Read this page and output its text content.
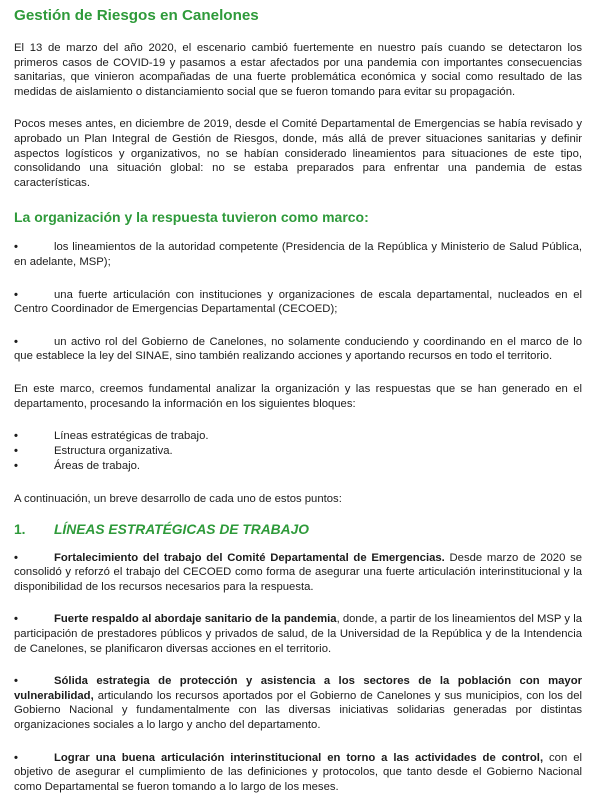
Gestión de Riesgos en Canelones

El 13 de marzo del año 2020, el escenario cambió fuertemente en nuestro país cuando se detectaron los primeros casos de COVID-19 y pasamos a estar afectados por una pandemia con importantes consecuencias sanitarias, que vinieron acompañadas de una fuerte problemática económica y social como resultado de las medidas de aislamiento o distanciamiento social que se fueron tomando para evitar su propagación.

Pocos meses antes, en diciembre de 2019, desde el Comité Departamental de Emergencias se había revisado y aprobado un Plan Integral de Gestión de Riesgos, donde, más allá de prever situaciones sanitarias y definir aspectos logísticos y organizativos, no se habían considerado lineamientos para situaciones de este tipo, consolidando una situación global: no se estaba preparados para enfrentar una pandemia de estas características.

La organización y la respuesta tuvieron como marco:

•	los lineamientos de la autoridad competente (Presidencia de la República y Ministerio de Salud Pública, en adelante, MSP);

•	una fuerte articulación con instituciones y organizaciones de escala departamental, nucleados en el Centro Coordinador de Emergencias Departamental (CECOED);

•	un activo rol del Gobierno de Canelones, no solamente conduciendo y coordinando en el marco de lo que establece la ley del SINAE, sino también realizando acciones y aportando recursos en todo el territorio.

En este marco, creemos fundamental analizar la organización y las respuestas que se han generado en el departamento, procesando la información en los siguientes bloques:

•	Líneas estratégicas de trabajo.
•	Estructura organizativa.
•	Áreas de trabajo.

A continuación, un breve desarrollo de cada uno de estos puntos:

1.	LÍNEAS ESTRATÉGICAS DE TRABAJO

•	Fortalecimiento del trabajo del Comité Departamental de Emergencias. Desde marzo de 2020 se consolidó y reforzó el trabajo del CECOED como forma de asegurar una fuerte articulación interinstitucional y la disponibilidad de los recursos necesarios para la respuesta.

•	Fuerte respaldo al abordaje sanitario de la pandemia, donde, a partir de los lineamientos del MSP y la participación de prestadores públicos y privados de salud, de la Universidad de la República y de la Intendencia de Canelones, se planificaron diversas acciones en el territorio.

•	Sólida estrategia de protección y asistencia a los sectores de la población con mayor vulnerabilidad, articulando los recursos aportados por el Gobierno de Canelones y sus municipios, con los del Gobierno Nacional y fundamentalmente con las diversas iniciativas solidarias generadas por distintas organizaciones sociales a lo largo y ancho del departamento.

•	Lograr una buena articulación interinstitucional en torno a las actividades de control, con el objetivo de asegurar el cumplimiento de las definiciones y protocolos, que tanto desde el Gobierno Nacional como Departamental se fueron tomando a lo largo de los meses.
